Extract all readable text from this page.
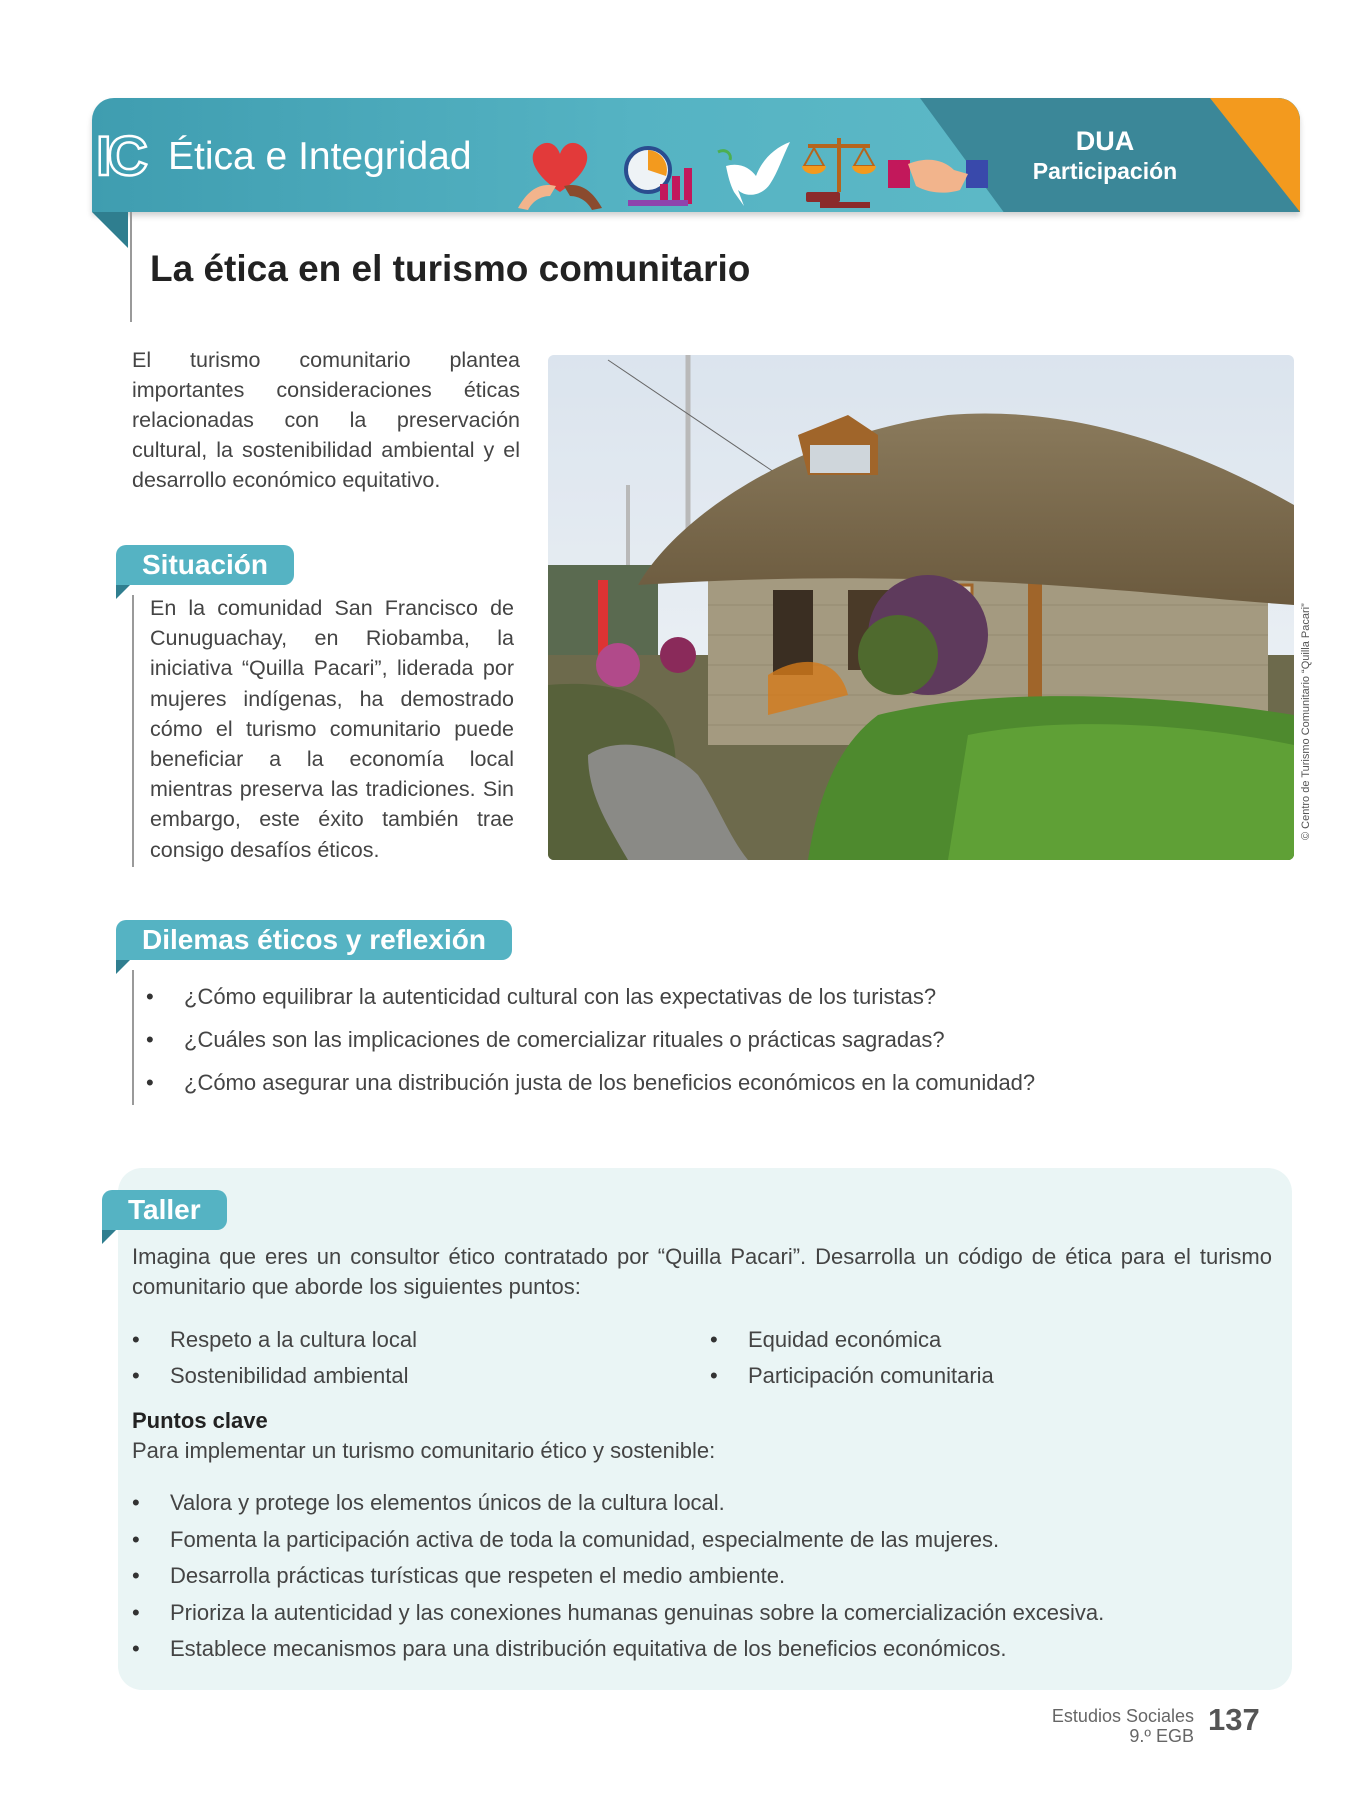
IC Ética e Integridad	DUA
Participación
La ética en el turismo comunitario
El turismo comunitario plantea importantes consideraciones éticas relacionadas con la preservación cultural, la sostenibilidad ambiental y el desarrollo económico equitativo.
Situación
En la comunidad San Francisco de Cunuguachay, en Riobamba, la iniciativa “Quilla Pacari”, liderada por mujeres indígenas, ha demostrado cómo el turismo comunitario puede beneficiar a la economía local mientras preserva las tradiciones. Sin embargo, este éxito también trae consigo desafíos éticos.
© Centro de Turismo Comunitario “Quilla Pacari”
Dilemas éticos y reflexión
• ¿Cómo equilibrar la autenticidad cultural con las expectativas de los turistas?
• ¿Cuáles son las implicaciones de comercializar rituales o prácticas sagradas?
• ¿Cómo asegurar una distribución justa de los beneficios económicos en la comunidad?
Taller
Imagina que eres un consultor ético contratado por “Quilla Pacari”. Desarrolla un código de ética para el turismo comunitario que aborde los siguientes puntos:
• Respeto a la cultura local
• Sostenibilidad ambiental
• Equidad económica
• Participación comunitaria
Puntos clave
Para implementar un turismo comunitario ético y sostenible:
• Valora y protege los elementos únicos de la cultura local.
• Fomenta la participación activa de toda la comunidad, especialmente de las mujeres.
• Desarrolla prácticas turísticas que respeten el medio ambiente.
• Prioriza la autenticidad y las conexiones humanas genuinas sobre la comercialización excesiva.
• Establece mecanismos para una distribución equitativa de los beneficios económicos.
Estudios Sociales
9.º EGB 137
